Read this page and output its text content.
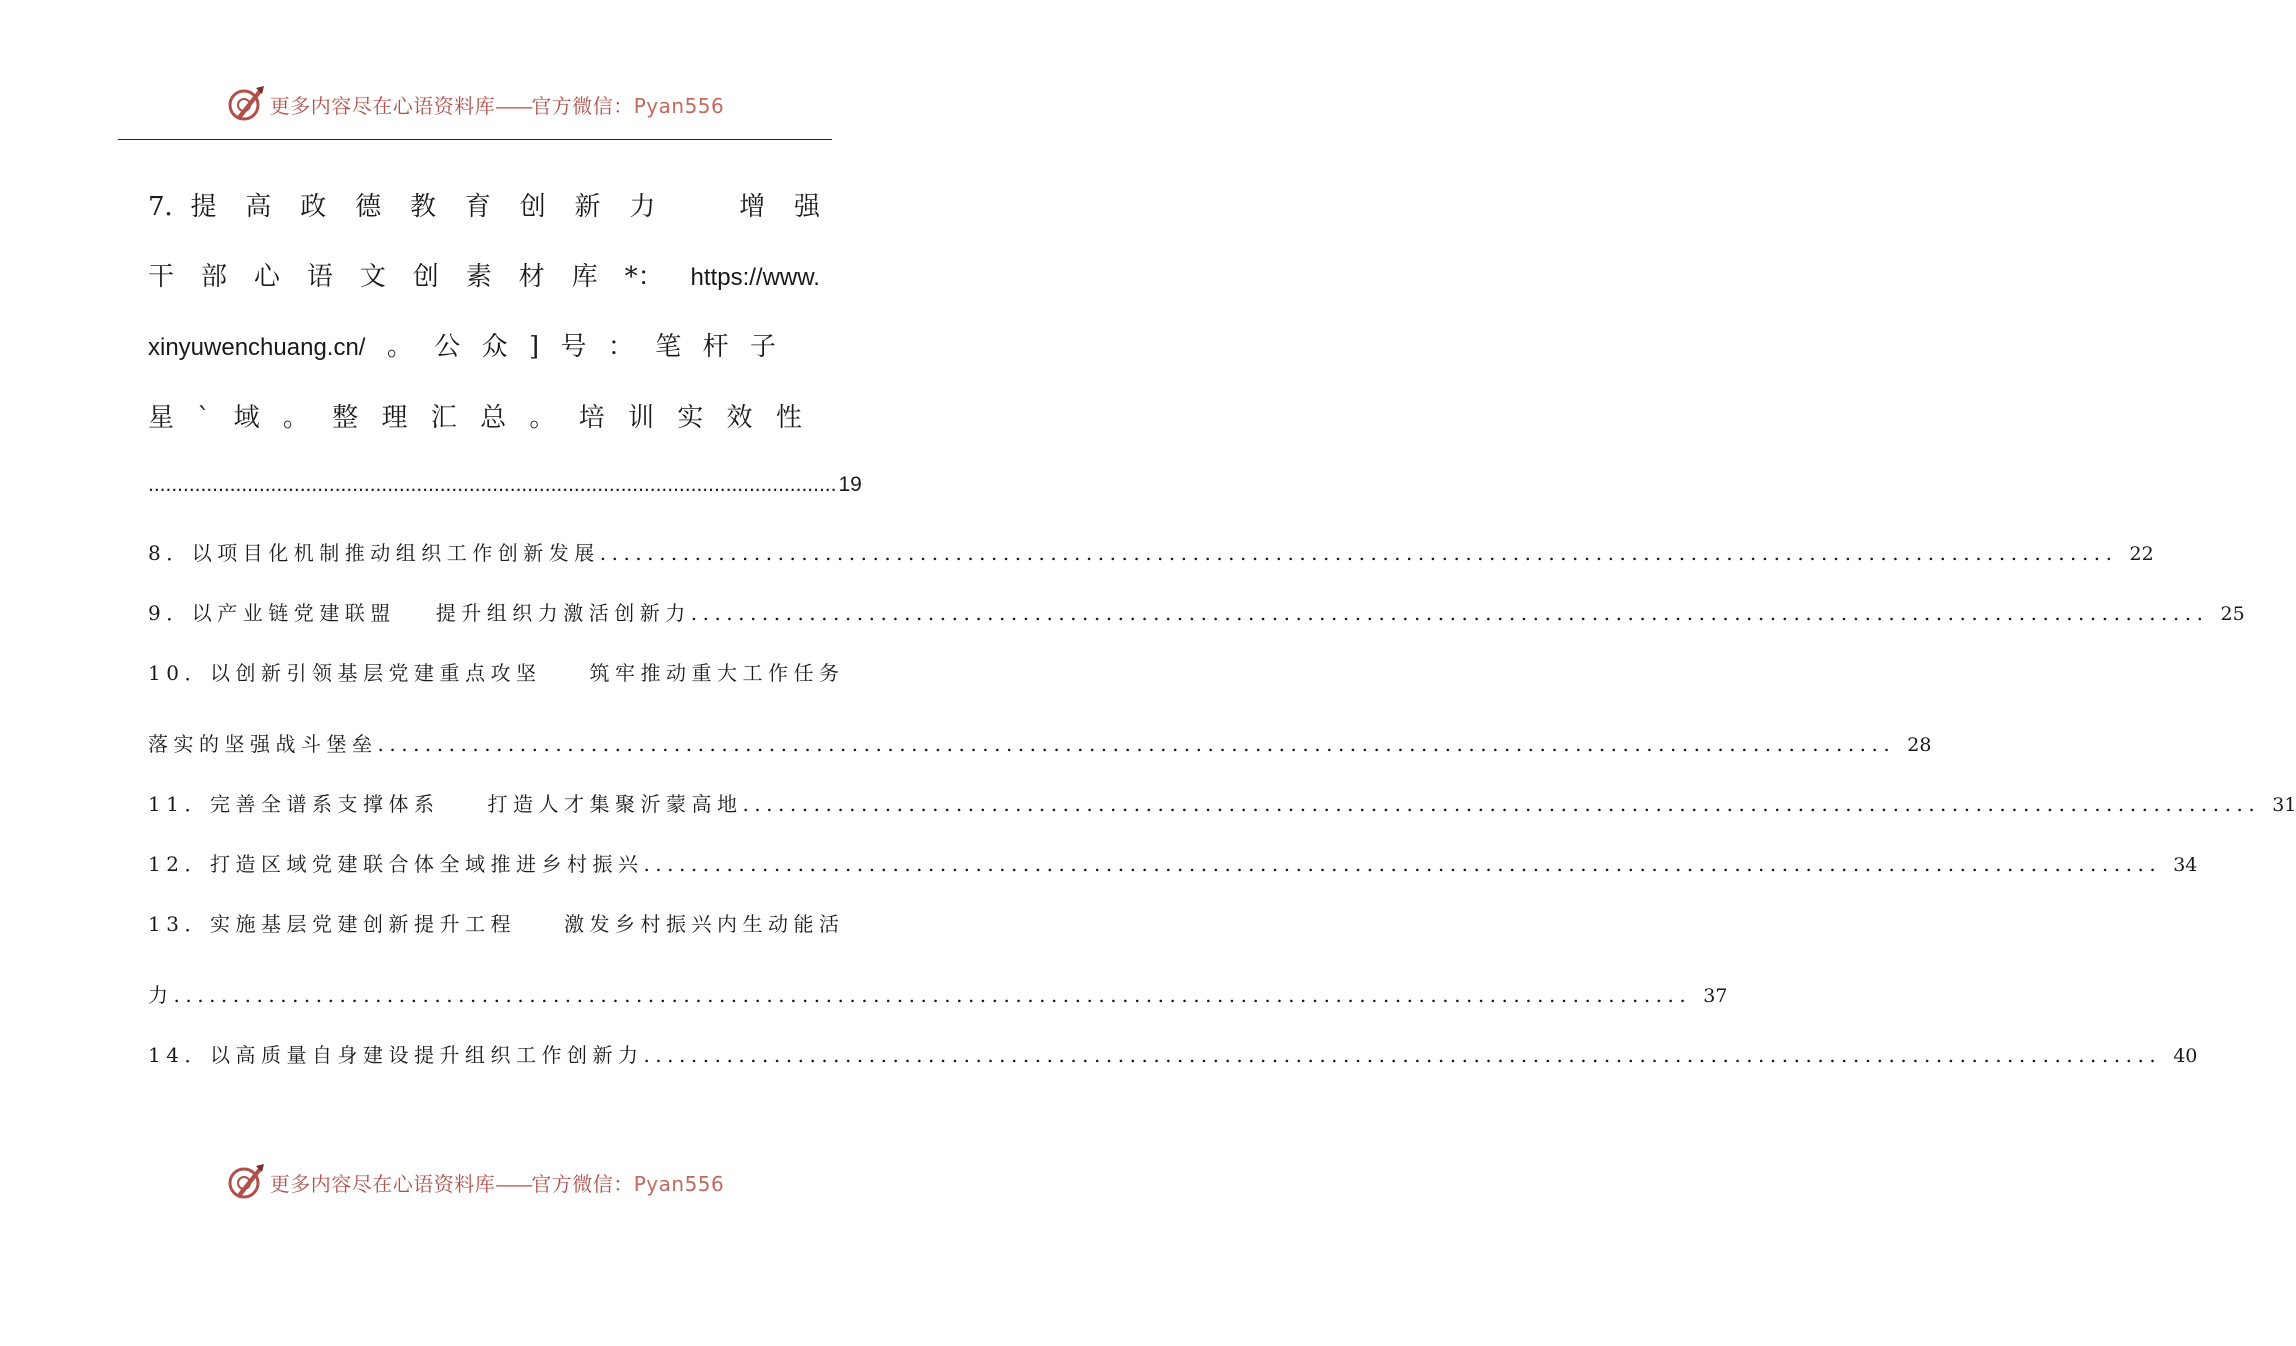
更多内容尽在心语资料库——官方微信：Pyan556
7．提 高 政 德 教 育 创 新 力	增 强
干 部 心 语 文 创 素 材 库 *： https://www.
xinyuwenchuang.cn/ 。 公 众 ] 号 ： 笔 杆 子
星 ` 域 。 整 理 汇 总 。 培 训 实 效 性
...................................................................................................................... 19
8．以项目化机制推动组织工作创新发展................................................................................................................................ 22
9．以产业链党建联盟 提升组织力激活创新力................................................................................................................................ 25
10．以创新引领基层党建重点攻坚 筑牢推动重大工作任务
落实的坚强战斗堡垒................................................................................................................................ 28
11．完善全谱系支撑体系 打造人才集聚沂蒙高地................................................................................................................................ 31
12．打造区域党建联合体全域推进乡村振兴................................................................................................................................ 34
13．实施基层党建创新提升工程 激发乡村振兴内生动能活
力................................................................................................................................ 37
14．以高质量自身建设提升组织工作创新力................................................................................................................................ 40
更多内容尽在心语资料库——官方微信：Pyan556
